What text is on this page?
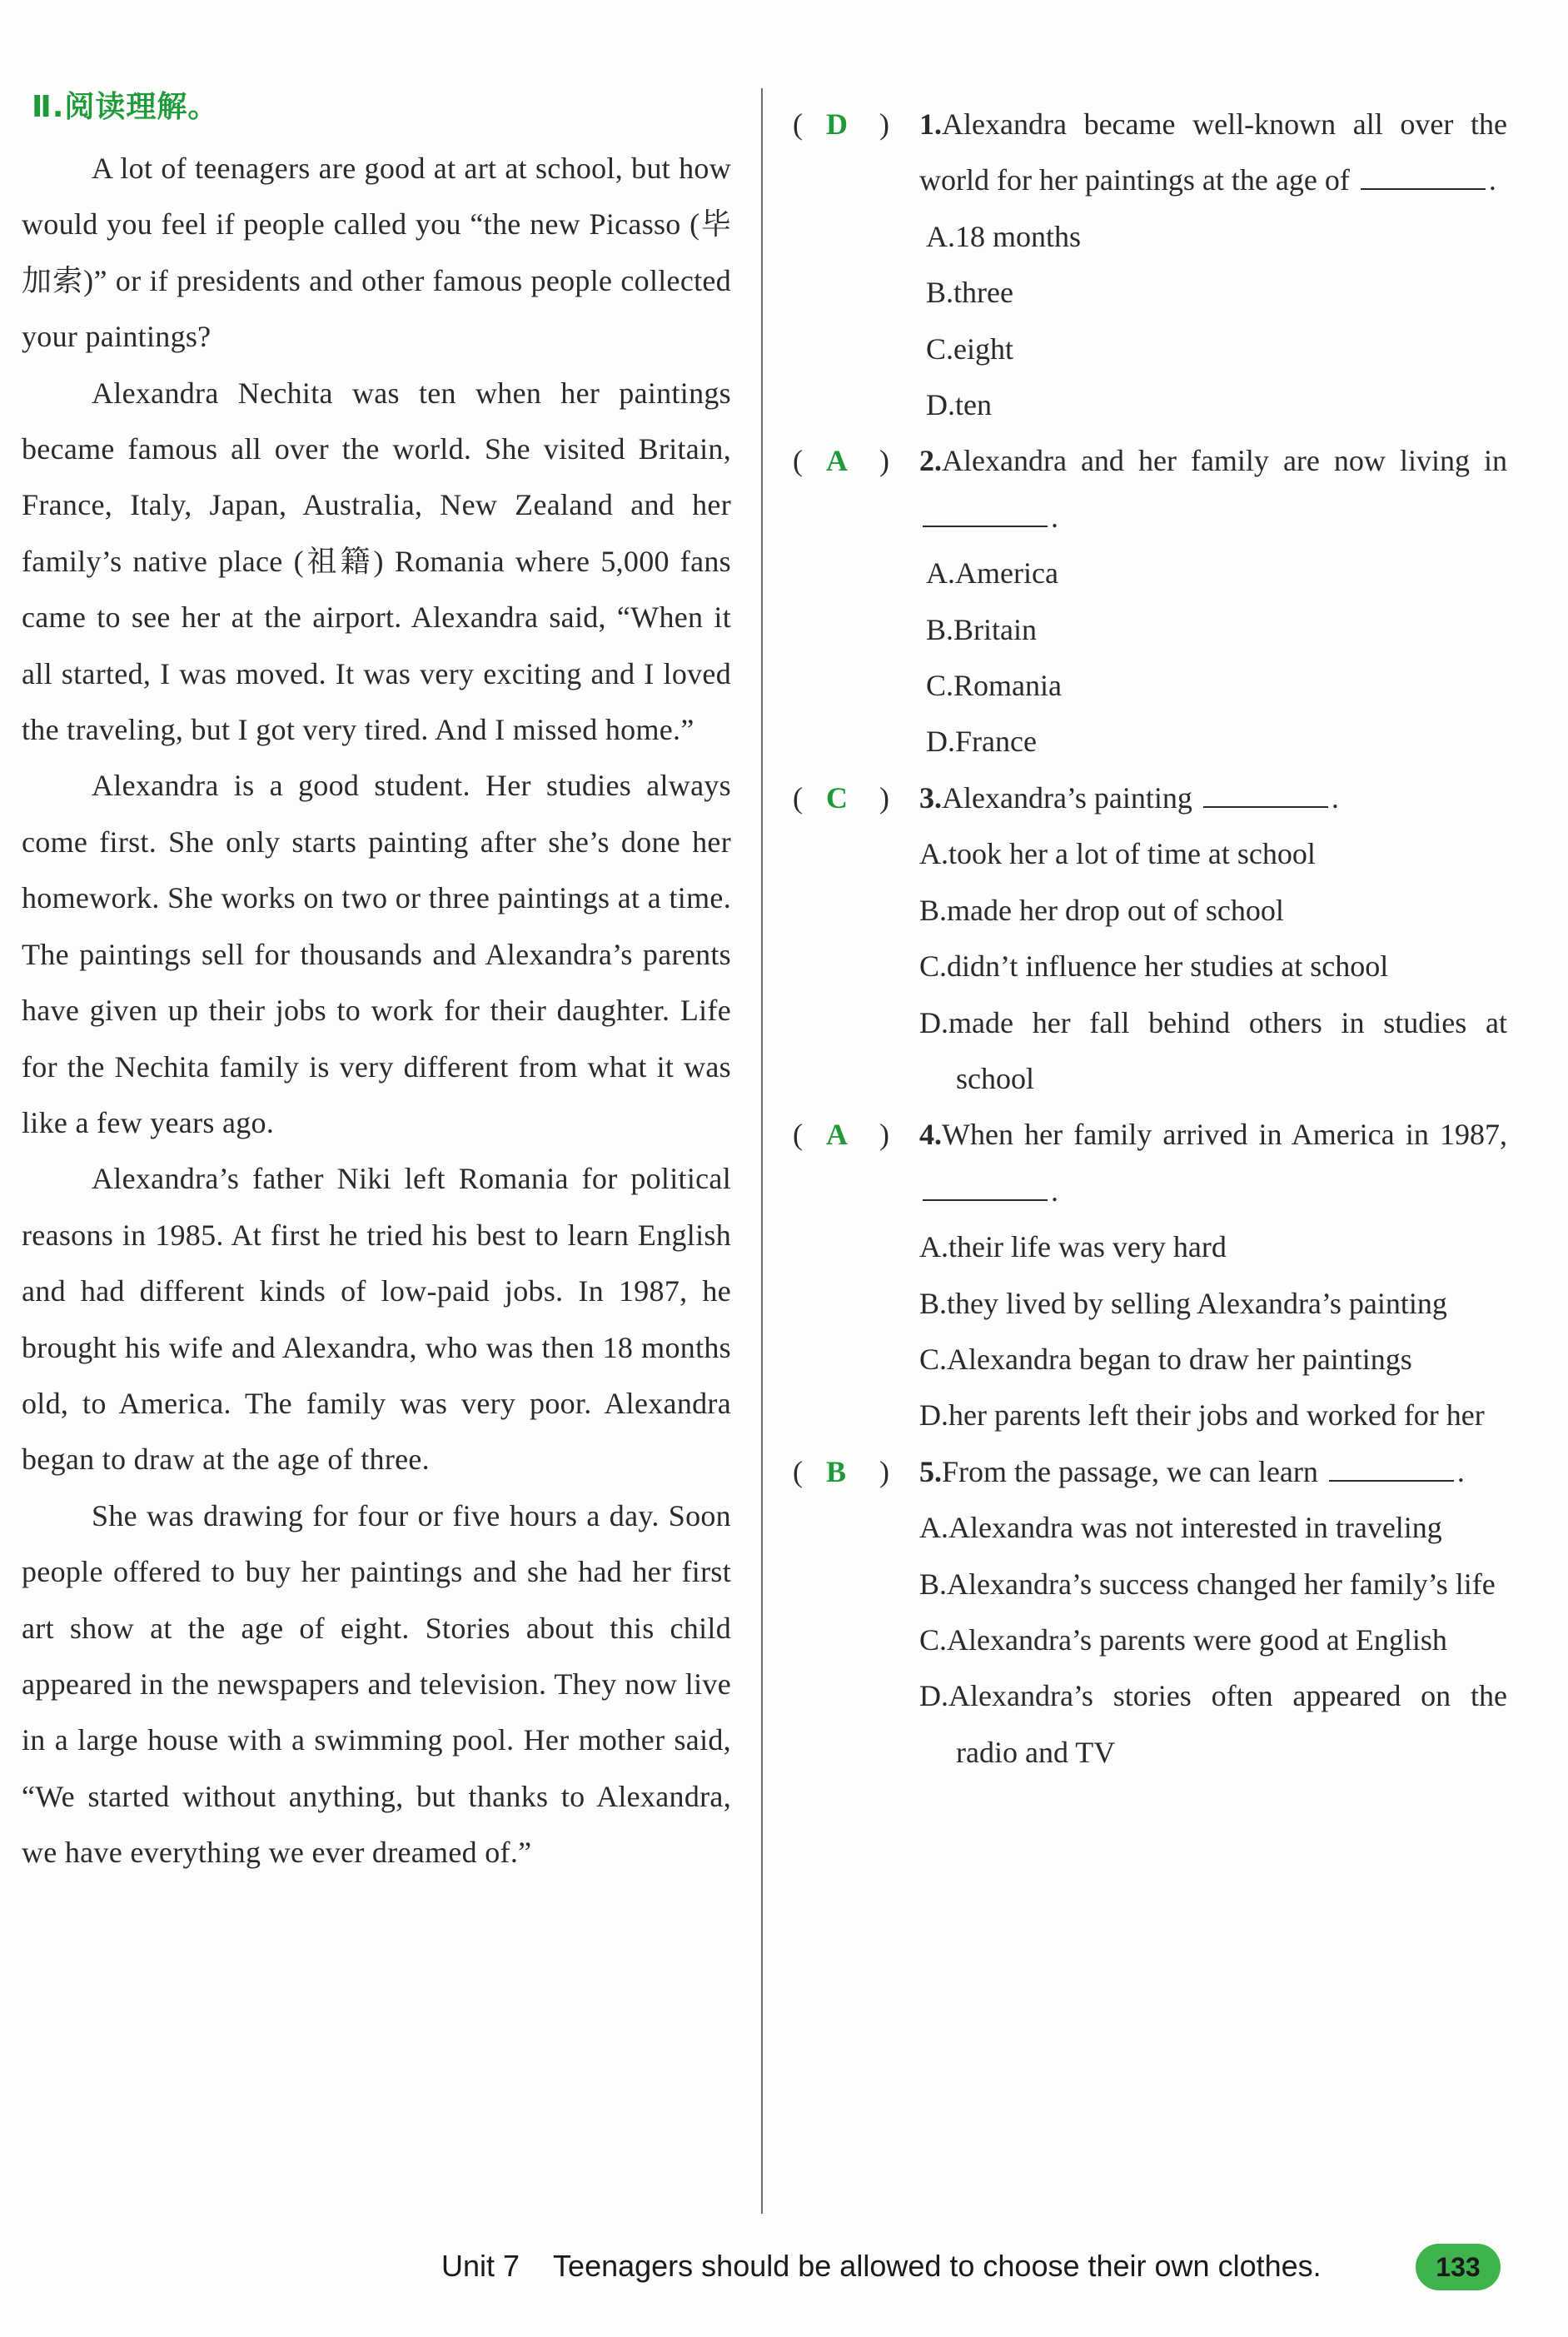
Ⅱ.阅读理解。

A lot of teenagers are good at art at school, but how would you feel if people called you “the new Picasso (毕加索)” or if presidents and other famous people collected your paintings?

Alexandra Nechita was ten when her paintings became famous all over the world. She visited Britain, France, Italy, Japan, Australia, New Zealand and her family’s native place (祖籍) Romania where 5,000 fans came to see her at the airport. Alexandra said, “When it all started, I was moved. It was very exciting and I loved the traveling, but I got very tired. And I missed home.”

Alexandra is a good student. Her studies always come first. She only starts painting after she’s done her homework. She works on two or three paintings at a time. The paintings sell for thousands and Alexandra’s parents have given up their jobs to work for their daughter. Life for the Nechita family is very different from what it was like a few years ago.

Alexandra’s father Niki left Romania for political reasons in 1985. At first he tried his best to learn English and had different kinds of low-paid jobs. In 1987, he brought his wife and Alexandra, who was then 18 months old, to America. The family was very poor. Alexandra began to draw at the age of three.

She was drawing for four or five hours a day. Soon people offered to buy her paintings and she had her first art show at the age of eight. Stories about this child appeared in the newspapers and television. They now live in a large house with a swimming pool. Her mother said, “We started without anything, but thanks to Alexandra, we have everything we ever dreamed of.”

( D )	1.Alexandra became well-known all over the world for her paintings at the age of	.
A.18 months
B.three
C.eight
D.ten
( A )	2.Alexandra and her family are now living in .
A.America
B.Britain
C.Romania
D.France
( C )	3.Alexandra’s painting	.
A.took her a lot of time at school
B.made her drop out of school
C.didn’t influence her studies at school
D.made her fall behind others in studies at school
( A )	4.When her family arrived in America in 1987, .
A.their life was very hard
B.they lived by selling Alexandra’s painting
C.Alexandra began to draw her paintings
D.her parents left their jobs and worked for her
( B )	5.From the passage, we can learn	.
A.Alexandra was not interested in traveling
B.Alexandra’s success changed her family’s life
C.Alexandra’s parents were good at English
D.Alexandra’s stories often appeared on the radio and TV
Unit 7 Teenagers should be allowed to choose their own clothes.	133
